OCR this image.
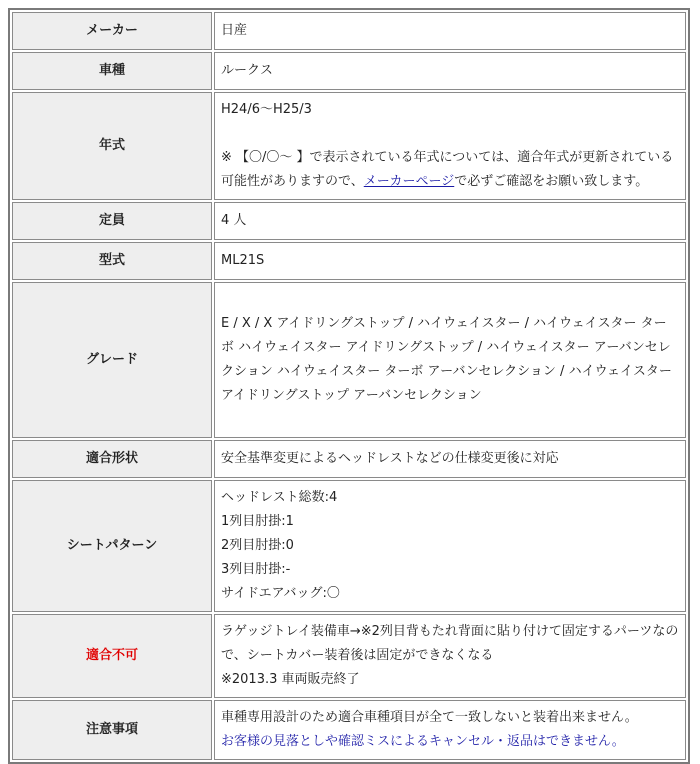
メーカー	日産
車種	ルークス
年式	H24/6～H25/3
※ 【〇/〇～ 】で表示されている年式については、適合年式が更新されている可能性がありますので、メーカーページで必ずご確認をお願い致します。

定員	4 人
型式	ML21S
グレード	E / X / X アイドリングストップ / ハイウェイスター / ハイウェイスター ターボ ハイウェイスター アイドリングストップ / ハイウェイスター アーバンセレクション ハイウェイスター ターボ アーバンセレクション / ハイウェイスター アイドリングストップ アーバンセレクション
適合形状	安全基準変更によるヘッドレストなどの仕様変更後に対応
シートパターン	ヘッドレスト総数:4
1列目肘掛:1
2列目肘掛:0
3列目肘掛:-
サイドエアバッグ:〇

適合不可	ラゲッジトレイ装備車→※2列目背もたれ背面に貼り付けて固定するパーツなので、シートカバー装着後は固定ができなくなる
※2013.3 車両販売終了

注意事項	車種専用設計のため適合車種項目が全て一致しないと装着出来ません。
お客様の見落としや確認ミスによるキャンセル・返品はできません。
